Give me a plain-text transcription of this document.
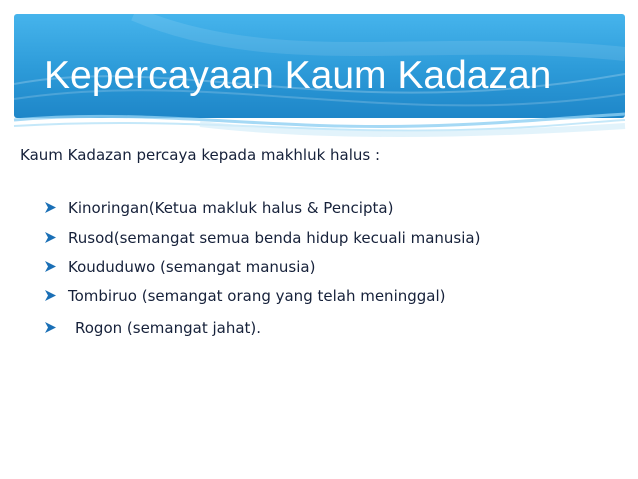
Kepercayaan Kaum Kadazan

Kaum Kadazan percaya kepada makhluk halus :

Kinoringan(Ketua makluk halus & Pencipta)
Rusod(semangat semua benda hidup kecuali manusia)
Koududuwo (semangat manusia)
Tombiruo (semangat orang yang telah meninggal)
Rogon (semangat jahat).
